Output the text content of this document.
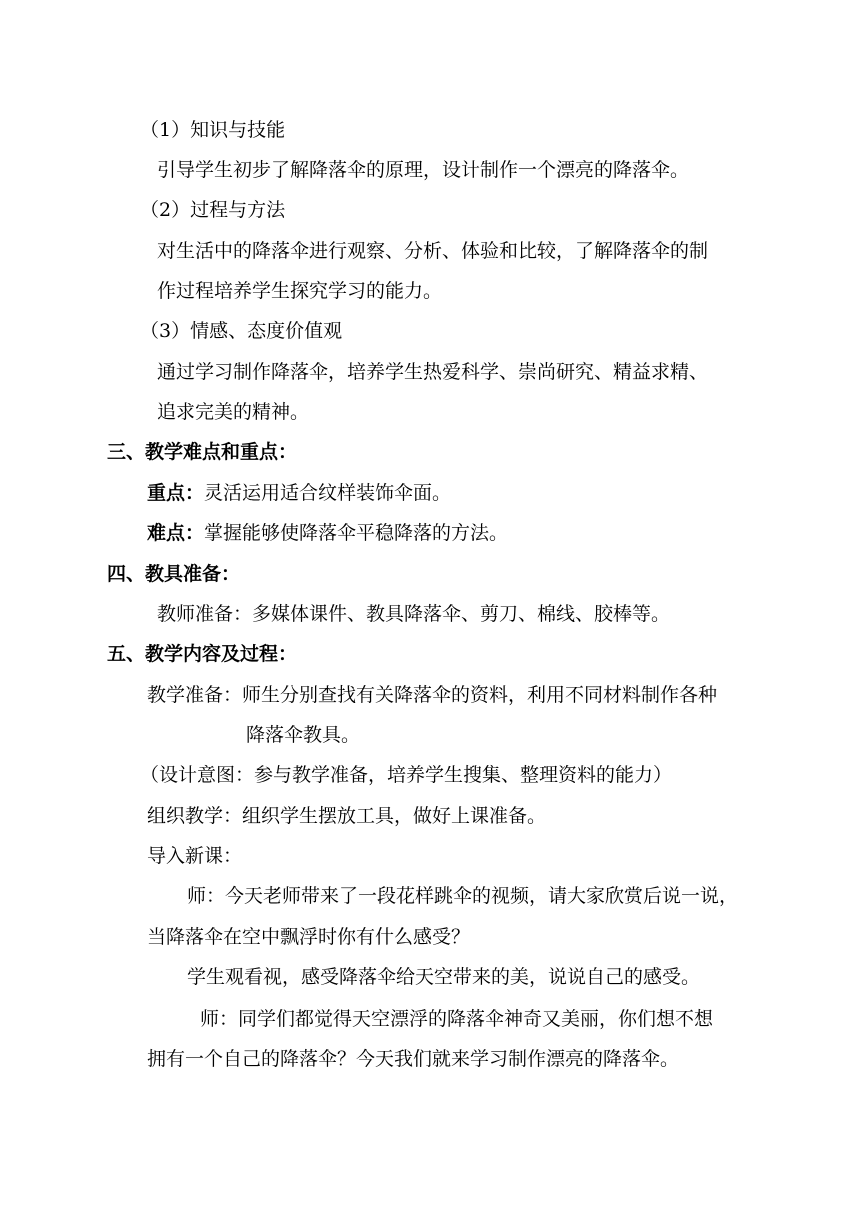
（1）知识与技能
引导学生初步了解降落伞的原理，设计制作一个漂亮的降落伞。
（2）过程与方法
对生活中的降落伞进行观察、分析、体验和比较，了解降落伞的制
作过程培养学生探究学习的能力。
（3）情感、态度价值观
通过学习制作降落伞，培养学生热爱科学、崇尚研究、精益求精、
追求完美的精神。
三、教学难点和重点：
重点：灵活运用适合纹样装饰伞面。
难点：掌握能够使降落伞平稳降落的方法。
四、教具准备：
教师准备：多媒体课件、教具降落伞、剪刀、棉线、胶棒等。
五、教学内容及过程：
教学准备：师生分别查找有关降落伞的资料，利用不同材料制作各种
降落伞教具。
（设计意图：参与教学准备，培养学生搜集、整理资料的能力）
组织教学：组织学生摆放工具，做好上课准备。
导入新课：
师：今天老师带来了一段花样跳伞的视频，请大家欣赏后说一说，
当降落伞在空中飘浮时你有什么感受？
学生观看视，感受降落伞给天空带来的美，说说自己的感受。
师：同学们都觉得天空漂浮的降落伞神奇又美丽，你们想不想
拥有一个自己的降落伞？今天我们就来学习制作漂亮的降落伞。
